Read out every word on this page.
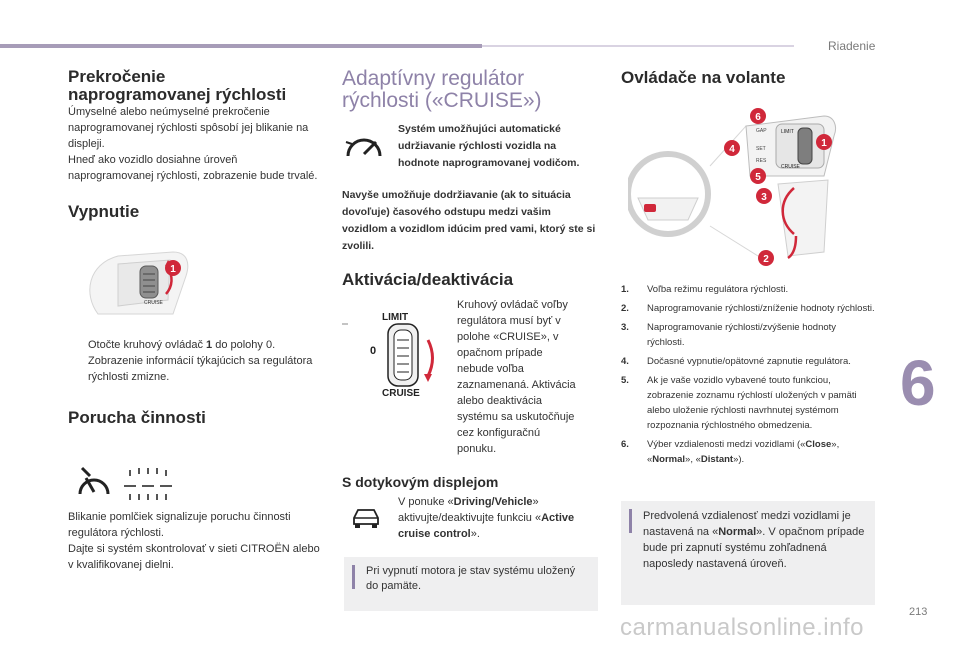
Riadenie
6
213
carmanualsonline.info
Prekročenie
naprogramovanej rýchlosti

Úmyselné alebo neúmyselné prekročenie naprogramovanej rýchlosti spôsobí jej blikanie na displeji.

Hneď ako vozidlo dosiahne úroveň naprogramovanej rýchlosti, zobrazenie bude trvalé.

Vypnutie
1
CRUISE

Otočte kruhový ovládač 1 do polohy 0. Zobrazenie informácií týkajúcich sa regulátora rýchlosti zmizne.

Porucha činnosti

Blikanie pomlčiek signalizuje poruchu činnosti regulátora rýchlosti.

Dajte si systém skontrolovať v sieti CITROËN alebo v kvalifikovanej dielni.

Adaptívny regulátor
rýchlosti («CRUISE»)

Systém umožňujúci automatické udržiavanie rýchlosti vozidla na hodnote naprogramovanej vodičom.

Navyše umožňuje dodržiavanie (ak to situácia dovoľuje) časového odstupu medzi vašim vozidlom a vozidlom idúcim pred vami, ktorý ste si zvolili.

Aktivácia/deaktivácia
LIMIT
0
CRUISE

Kruhový ovládač voľby regulátora musí byť v polohe «CRUISE», v opačnom prípade nebude voľba zaznamenaná. Aktivácia alebo deaktivácia systému sa uskutočňuje cez konfiguračnú ponuku.

S dotykovým displejom

V ponuke «Driving/Vehicle» aktivujte/deaktivujte funkciu «Active cruise control».

Pri vypnutí motora je stav systému uložený do pamäte.

Ovládače na volante
LIMIT
CRUISE
GAP
SET
RES
1
2
3
4
5
6
1.	Voľba režimu regulátora rýchlosti.
2.	Naprogramovanie rýchlosti/zníženie hodnoty rýchlosti.
3.	Naprogramovanie rýchlosti/zvýšenie hodnoty rýchlosti.
4.	Dočasné vypnutie/opätovné zapnutie regulátora.
5.	Ak je vaše vozidlo vybavené touto funkciou, zobrazenie zoznamu rýchlostí uložených v pamäti alebo uloženie rýchlosti navrhnutej systémom rozpoznania rýchlostného obmedzenia.
6.	Výber vzdialenosti medzi vozidlami («Close», «Normal», «Distant»).

Predvolená vzdialenosť medzi vozidlami je nastavená na «Normal». V opačnom prípade bude pri zapnutí systému zohľadnená naposledy nastavená úroveň.
